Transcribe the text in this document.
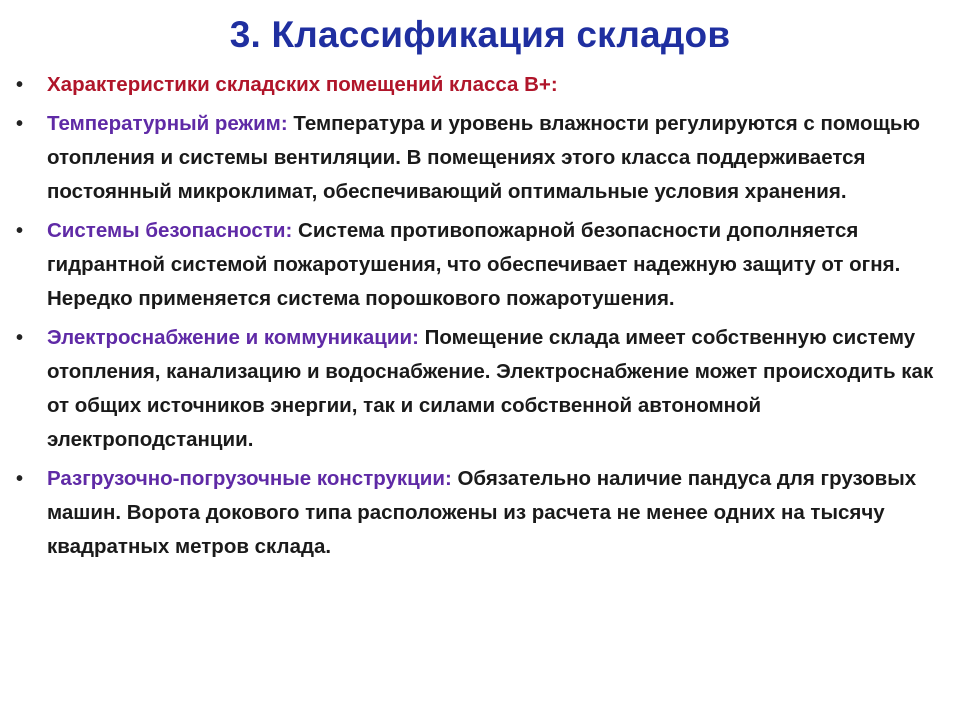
3. Классификация складов
• Характеристики складских помещений класса В+:
• Температурный режим: Температура и уровень влажности регулируются с помощью отопления и системы вентиляции. В помещениях этого класса поддерживается постоянный микроклимат, обеспечивающий оптимальные условия хранения.
• Системы безопасности: Система противопожарной безопасности дополняется гидрантной системой пожаротушения, что обеспечивает надежную защиту от огня. Нередко применяется система порошкового пожаротушения.
• Электроснабжение и коммуникации: Помещение склада имеет собственную систему отопления, канализацию и водоснабжение. Электроснабжение может происходить как от общих источников энергии, так и силами собственной автономной электроподстанции.
• Разгрузочно-погрузочные конструкции: Обязательно наличие пандуса для грузовых машин. Ворота докового типа расположены из расчета не менее одних на тысячу квадратных метров склада.
